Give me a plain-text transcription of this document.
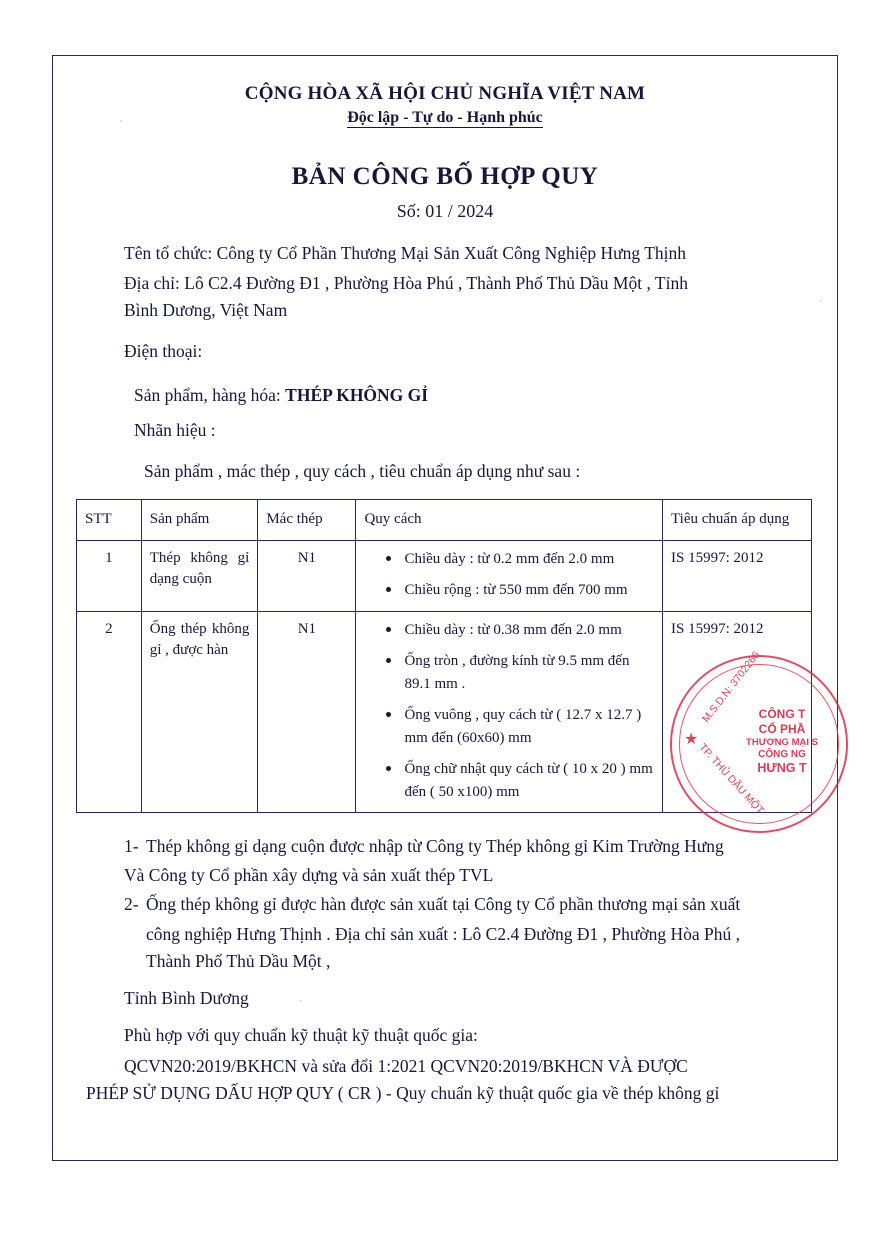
CỘNG HÒA XÃ HỘI CHỦ NGHĨA VIỆT NAM
Độc lập - Tự do - Hạnh phúc
BẢN CÔNG BỐ HỢP QUY
Số: 01 / 2024
Tên tổ chức: Công ty Cổ Phần Thương Mại Sản Xuất Công Nghiệp Hưng Thịnh
Địa chỉ: Lô C2.4 Đường Đ1 , Phường Hòa Phú , Thành Phố Thủ Dầu Một , Tỉnh
Bình Dương, Việt Nam
Điện thoại:
Sản phẩm, hàng hóa: THÉP KHÔNG GỈ
Nhãn hiệu :
Sản phẩm , mác thép , quy cách , tiêu chuẩn áp dụng như sau :
STT	Sản phẩm	Mác thép	Quy cách	Tiêu chuẩn áp dụng
1	Thép không gỉ dạng cuộn	N1	Chiều dày : từ 0.2 mm đến 2.0 mm
Chiều rộng : từ 550 mm đến 700 mm
	IS 15997: 2012
2	Ống thép không gỉ , được hàn	N1	Chiều dày : từ 0.38 mm đến 2.0 mm
Ống tròn , đường kính từ 9.5 mm đến 89.1 mm .
Ống vuông , quy cách từ ( 12.7 x 12.7 ) mm đến (60x60) mm
Ống chữ nhật quy cách từ ( 10 x 20 ) mm đến ( 50 x100) mm
	IS 15997: 2012
1- Thép không gỉ dạng cuộn được nhập từ Công ty Thép không gỉ Kim Trường Hưng
Và Công ty Cổ phần xây dựng và sản xuất thép TVL
2- Ống thép không gỉ được hàn được sản xuất tại Công ty Cổ phần thương mại sản xuất
công nghiệp Hưng Thịnh . Địa chỉ sản xuất : Lô C2.4 Đường Đ1 , Phường Hòa Phú ,
Thành Phố Thủ Dầu Một ,
Tỉnh Bình Dương
Phù hợp với quy chuẩn kỹ thuật kỹ thuật quốc gia:
QCVN20:2019/BKHCN và sửa đổi 1:2021 QCVN20:2019/BKHCN VÀ ĐƯỢC
PHÉP SỬ DỤNG DẤU HỢP QUY ( CR ) - Quy chuẩn kỹ thuật quốc gia về thép không gỉ
★
M.S.D.N: 3702266
TP. THỦ DẦU MỘT
CÔNG T
CỔ PHẦ
THƯƠNG MẠI S
CÔNG NG
HƯNG T
